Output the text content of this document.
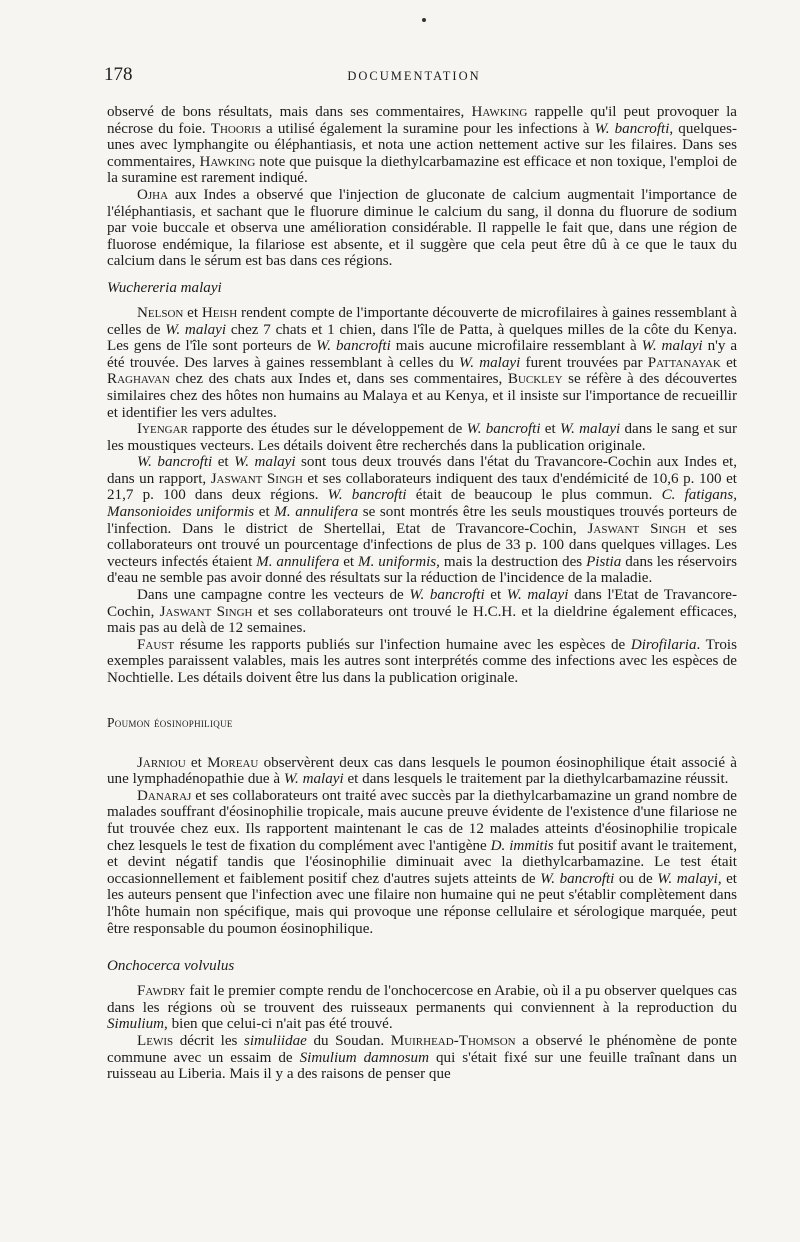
178	DOCUMENTATION

observé de bons résultats, mais dans ses commentaires, Hawking rappelle qu'il peut provoquer la nécrose du foie. Thooris a utilisé également la suramine pour les infections à W. bancrofti, quelques-unes avec lymphangite ou éléphantiasis, et nota une action nettement active sur les filaires. Dans ses commentaires, Hawking note que puisque la diethylcarbamazine est efficace et non toxique, l'emploi de la suramine est rarement indiqué.

Ojha aux Indes a observé que l'injection de gluconate de calcium augmentait l'importance de l'éléphantiasis, et sachant que le fluorure diminue le calcium du sang, il donna du fluorure de sodium par voie buccale et observa une amélioration considérable. Il rappelle le fait que, dans une région de fluorose endémique, la filariose est absente, et il suggère que cela peut être dû à ce que le taux du calcium dans le sérum est bas dans ces régions.

Wuchereria malayi

Nelson et Heish rendent compte de l'importante découverte de microfilaires à gaines ressemblant à celles de W. malayi chez 7 chats et 1 chien, dans l'île de Patta, à quelques milles de la côte du Kenya. Les gens de l'île sont porteurs de W. bancrofti mais aucune microfilaire ressemblant à W. malayi n'y a été trouvée. Des larves à gaines ressemblant à celles du W. malayi furent trouvées par Pattanayak et Raghavan chez des chats aux Indes et, dans ses commentaires, Buckley se réfère à des découvertes similaires chez des hôtes non humains au Malaya et au Kenya, et il insiste sur l'importance de recueillir et identifier les vers adultes.

Iyengar rapporte des études sur le développement de W. bancrofti et W. malayi dans le sang et sur les moustiques vecteurs. Les détails doivent être recherchés dans la publication originale.

W. bancrofti et W. malayi sont tous deux trouvés dans l'état du Travancore-Cochin aux Indes et, dans un rapport, Jaswant Singh et ses collaborateurs indiquent des taux d'endémicité de 10,6 p. 100 et 21,7 p. 100 dans deux régions. W. bancrofti était de beaucoup le plus commun. C. fatigans, Mansonioides uniformis et M. annulifera se sont montrés être les seuls moustiques trouvés porteurs de l'infection. Dans le district de Shertellai, Etat de Travancore-Cochin, Jaswant Singh et ses collaborateurs ont trouvé un pourcentage d'infections de plus de 33 p. 100 dans quelques villages. Les vecteurs infectés étaient M. annulifera et M. uniformis, mais la destruction des Pistia dans les réservoirs d'eau ne semble pas avoir donné des résultats sur la réduction de l'incidence de la maladie.

Dans une campagne contre les vecteurs de W. bancrofti et W. malayi dans l'Etat de Travancore-Cochin, Jaswant Singh et ses collaborateurs ont trouvé le H.C.H. et la dieldrine également efficaces, mais pas au delà de 12 semaines.

Faust résume les rapports publiés sur l'infection humaine avec les espèces de Dirofilaria. Trois exemples paraissent valables, mais les autres sont interprétés comme des infections avec les espèces de Nochtielle. Les détails doivent être lus dans la publication originale.

Poumon éosinophilique

Jarniou et Moreau observèrent deux cas dans lesquels le poumon éosinophilique était associé à une lymphadénopathie due à W. malayi et dans lesquels le traitement par la diethylcarbamazine réussit.

Danaraj et ses collaborateurs ont traité avec succès par la diethylcarbamazine un grand nombre de malades souffrant d'éosinophilie tropicale, mais aucune preuve évidente de l'existence d'une filariose ne fut trouvée chez eux. Ils rapportent maintenant le cas de 12 malades atteints d'éosinophilie tropicale chez lesquels le test de fixation du complément avec l'antigène D. immitis fut positif avant le traitement, et devint négatif tandis que l'éosinophilie diminuait avec la diethylcarbamazine. Le test était occasionnellement et faiblement positif chez d'autres sujets atteints de W. bancrofti ou de W. malayi, et les auteurs pensent que l'infection avec une filaire non humaine qui ne peut s'établir complètement dans l'hôte humain non spécifique, mais qui provoque une réponse cellulaire et sérologique marquée, peut être responsable du poumon éosinophilique.

Onchocerca volvulus

Fawdry fait le premier compte rendu de l'onchocercose en Arabie, où il a pu observer quelques cas dans les régions où se trouvent des ruisseaux permanents qui conviennent à la reproduction du Simulium, bien que celui-ci n'ait pas été trouvé.

Lewis décrit les simuliidae du Soudan. Muirhead-Thomson a observé le phénomène de ponte commune avec un essaim de Simulium damnosum qui s'était fixé sur une feuille traînant dans un ruisseau au Liberia. Mais il y a des raisons de penser que
